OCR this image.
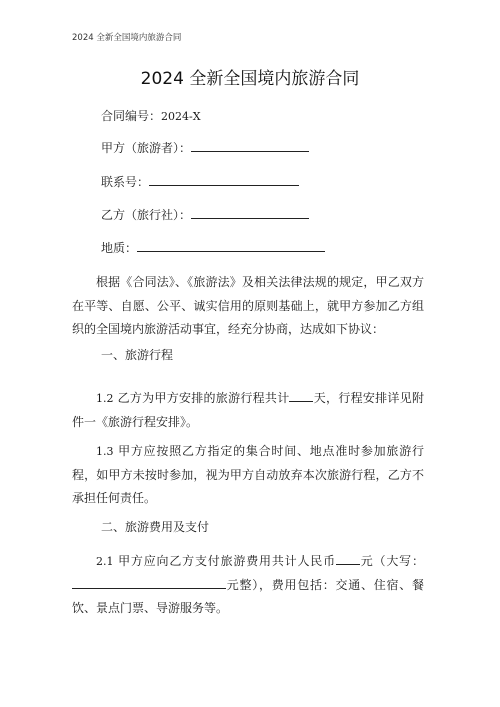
2024 全新全国境内旅游合同
2024 全新全国境内旅游合同
合同编号：2024-X
甲方（旅游者）：
联系号：
乙方（旅行社）：
地质：
根据《合同法》、《旅游法》及相关法律法规的规定，甲乙双方在平等、自愿、公平、诚实信用的原则基础上，就甲方参加乙方组织的全国境内旅游活动事宜，经充分协商，达成如下协议：
一、旅游行程
1.2 乙方为甲方安排的旅游行程共计 天，行程安排详见附件一《旅游行程安排》。
1.3 甲方应按照乙方指定的集合时间、地点准时参加旅游行程，如甲方未按时参加，视为甲方自动放弃本次旅游行程，乙方不承担任何责任。
二、旅游费用及支付
2.1 甲方应向乙方支付旅游费用共计人民币 元（大写：元整），费用包括：交通、住宿、餐饮、景点门票、导游服务等。
